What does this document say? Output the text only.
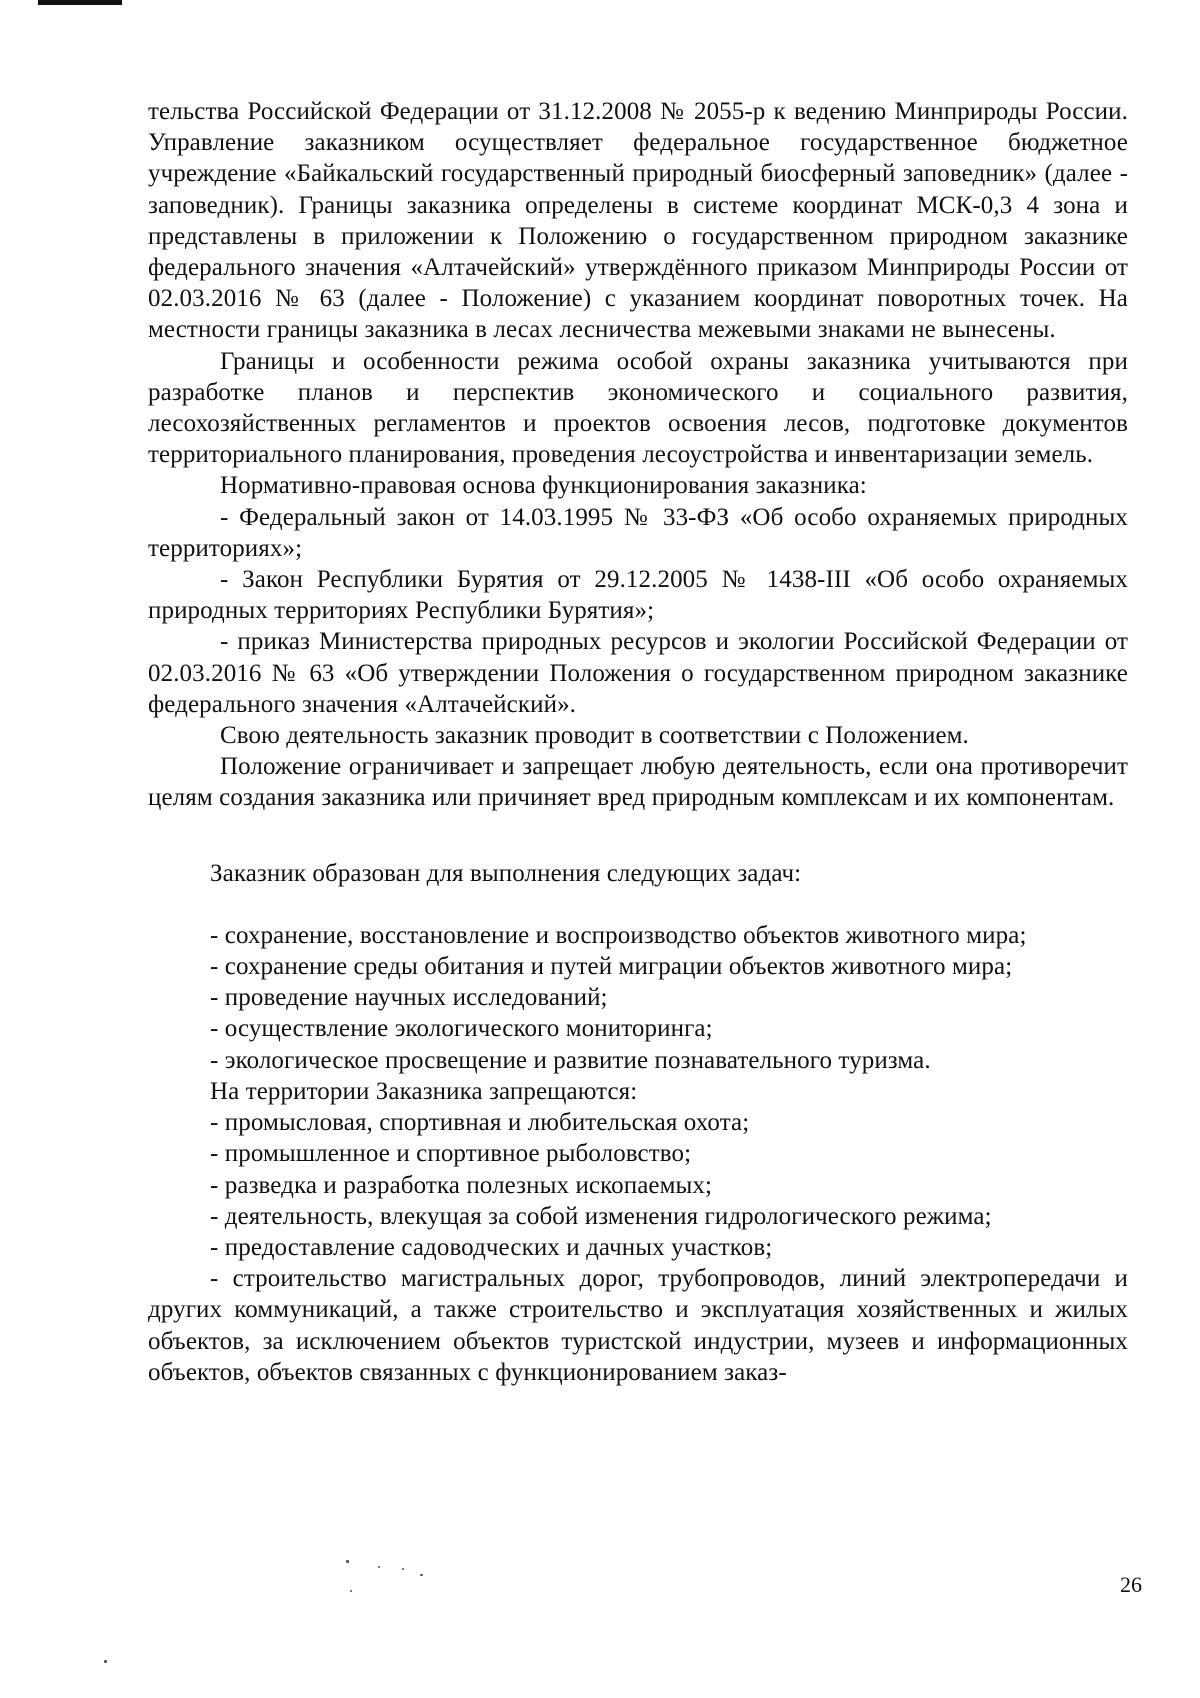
тельства Российской Федерации от 31.12.2008 № 2055-р к ведению Минприроды России. Управление заказником осуществляет федеральное государственное бюджетное учреждение «Байкальский государственный природный биосферный заповедник» (далее - заповедник). Границы заказника определены в системе координат МСК-0,3 4 зона и представлены в приложении к Положению о государственном природном заказнике федерального значения «Алтачейский» утверждённого приказом Минприроды России от 02.03.2016 № 63 (далее - Положение) с указанием координат поворотных точек. На местности границы заказника в лесах лесничества межевыми знаками не вынесены.

Границы и особенности режима особой охраны заказника учитываются при разработке планов и перспектив экономического и социального развития, лесохозяйственных регламентов и проектов освоения лесов, подготовке документов территориального планирования, проведения лесоустройства и инвентаризации земель.

Нормативно-правовая основа функционирования заказника:

- Федеральный закон от 14.03.1995 № 33-ФЗ «Об особо охраняемых природных территориях»;

- Закон Республики Бурятия от 29.12.2005 № 1438-III «Об особо охраняемых природных территориях Республики Бурятия»;

- приказ Министерства природных ресурсов и экологии Российской Федерации от 02.03.2016 № 63 «Об утверждении Положения о государственном природном заказнике федерального значения «Алтачейский».

Свою деятельность заказник проводит в соответствии с Положением.

Положение ограничивает и запрещает любую деятельность, если она противоречит целям создания заказника или причиняет вред природным комплексам и их компонентам.

Заказник образован для выполнения следующих задач:
- сохранение, восстановление и воспроизводство объектов животного мира;
- сохранение среды обитания и путей миграции объектов животного мира;
- проведение научных исследований;
- осуществление экологического мониторинга;
- экологическое просвещение и развитие познавательного туризма.
На территории Заказника запрещаются:
- промысловая, спортивная и любительская охота;
- промышленное и спортивное рыболовство;
- разведка и разработка полезных ископаемых;
- деятельность, влекущая за собой изменения гидрологического режима;
- предоставление садоводческих и дачных участков;

- строительство магистральных дорог, трубопроводов, линий электропередачи и других коммуникаций, а также строительство и эксплуатация хозяйственных и жилых объектов, за исключением объектов туристской индустрии, музеев и информационных объектов, объектов связанных с функционированием заказ-

26
